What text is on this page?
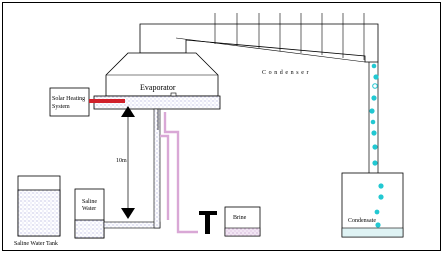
Condenser
Evaporator
Solar Heating
System
10m
Saline Water Tank
Saline
Water
Brine	Condensate
